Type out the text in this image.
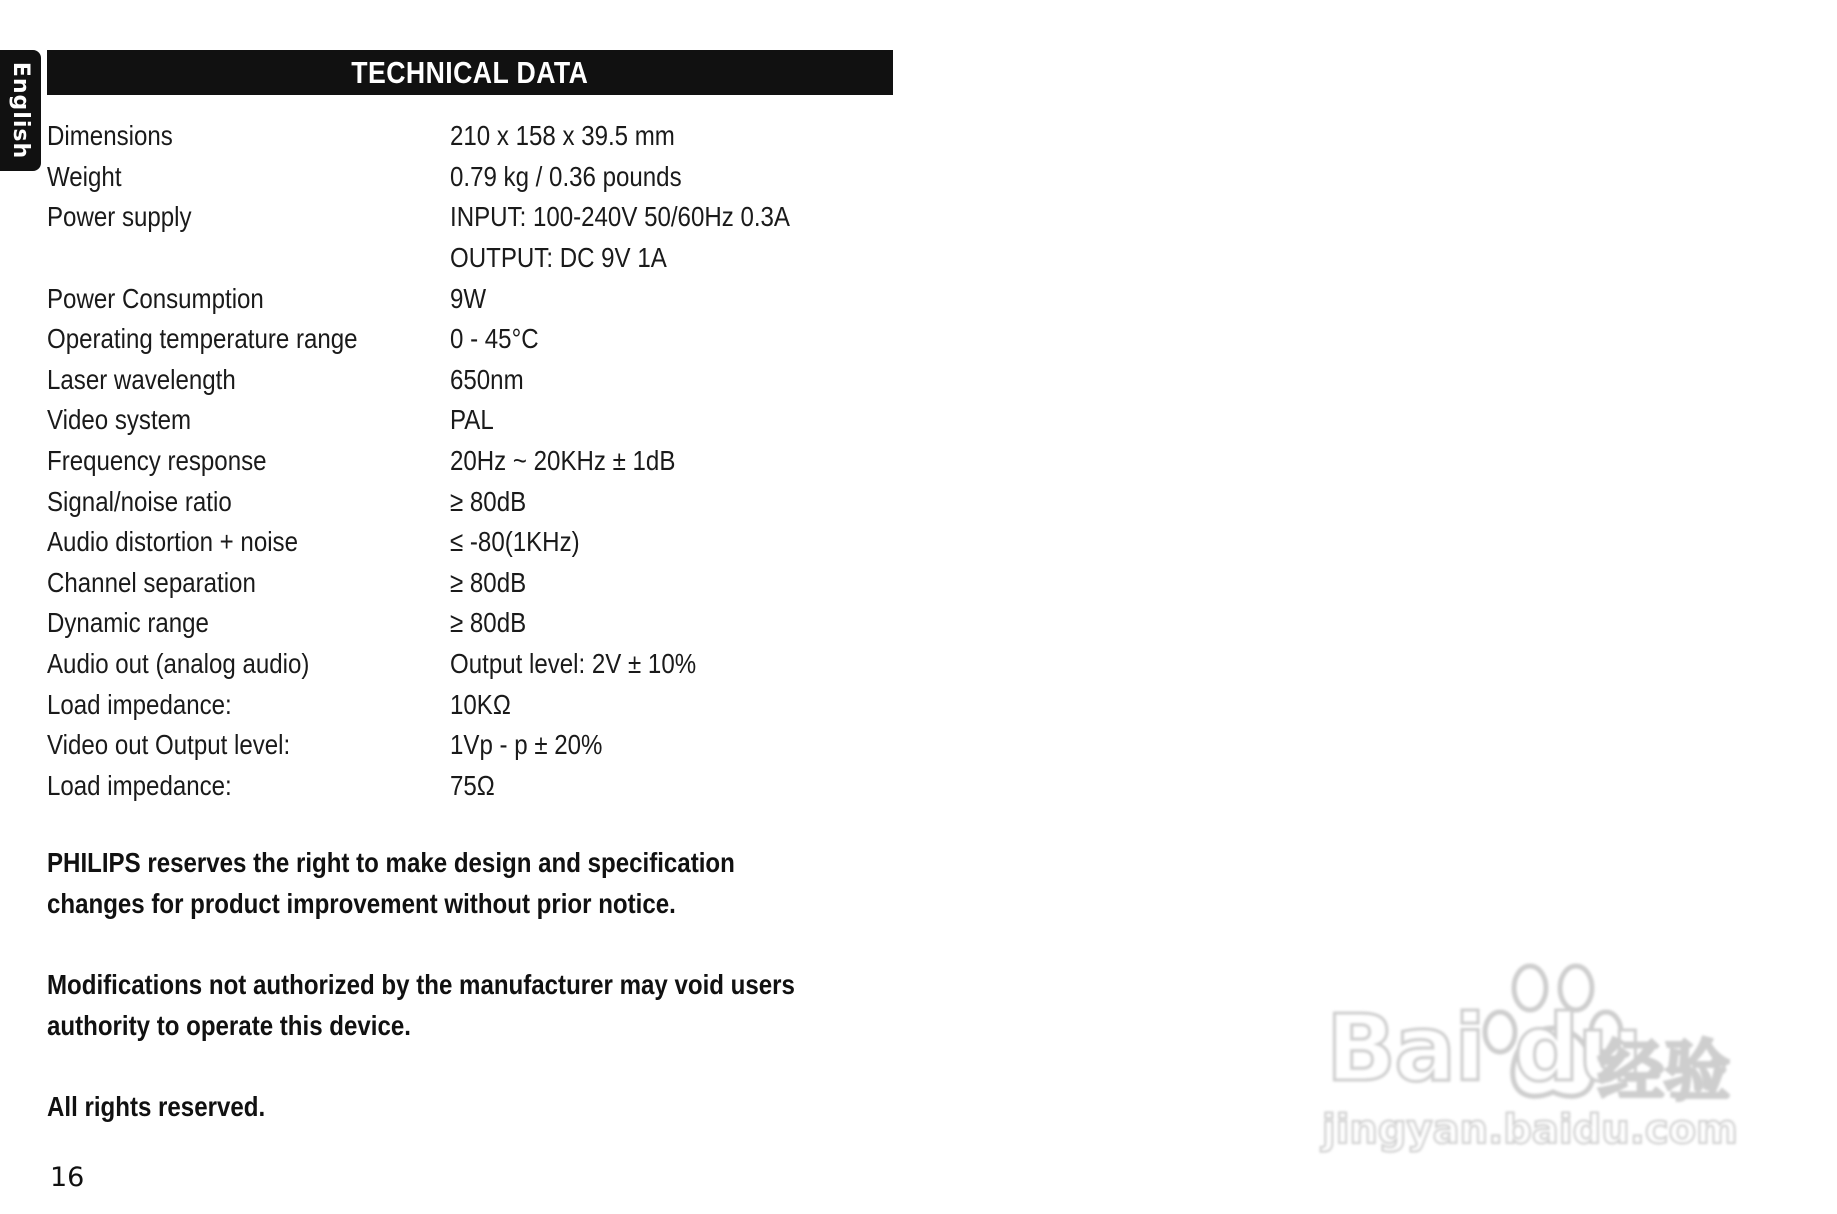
English	TECHNICAL DATA
Dimensions	210 x 158 x 39.5 mm
Weight	0.79 kg / 0.36 pounds
Power supply	INPUT: 100-240V 50/60Hz 0.3A
OUTPUT: DC 9V 1A
Power Consumption	9W
Operating temperature range	0 - 45°C
Laser wavelength	650nm
Video system	PAL
Frequency response	20Hz ~ 20KHz ± 1dB
Signal/noise ratio	≥ 80dB
Audio distortion + noise	≤ -80(1KHz)
Channel separation	≥ 80dB
Dynamic range	≥ 80dB
Audio out (analog audio)	Output level: 2V ± 10%
Load impedance:	10KΩ
Video out Output level:	1Vp - p ± 20%
Load impedance:	75Ω

PHILIPS reserves the right to make design and specification
changes for product improvement without prior notice.

Modifications not authorized by the manufacturer may void users
authority to operate this device.

All rights reserved.

16
Bai du
经验
jingyan.baidu.com
